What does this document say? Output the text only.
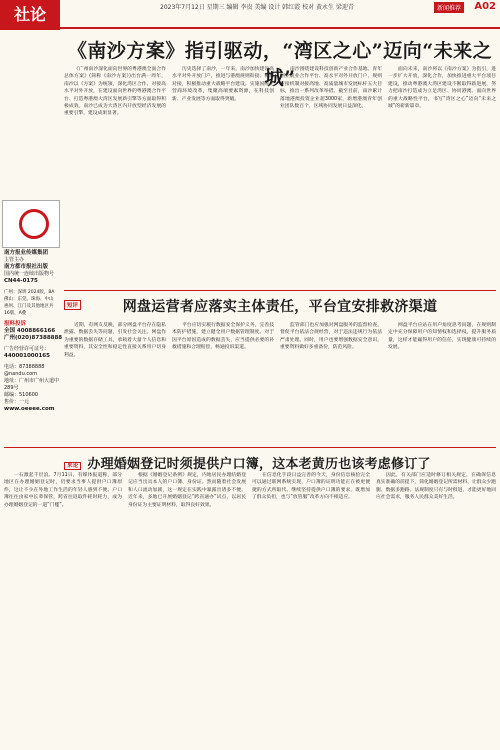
社论	2023年7月12日 星期三 编辑 李贵 美编 设计 韩红霞 校对 黄永生 梁迎青	新闻推荐	A02
南方报业传媒集团
主管主办
南方都市报社出版
国内统一连续出版物号
CN44-0175
广州：深圳 2024版，8A
佛山：东莞、珠海、中山
惠州、江门及其他地区共
16版，A叠
报料投诉
全国 4008866166
广州(020)87388888
广告经营许可证号：
440001000165
电话：87388888
@nandu.com
地址：广州市广州大道中
289号
邮编：510600
售价：一元
www.oeeee.com
《南沙方案》指引驱动，“湾区之心”迈向“未来之城”

《广州南沙深化面向世界的粤港澳全面合作总体方案》(简称《南沙方案》)出台满一周年，南沙以《方案》为统领，深化湾区合作、对接高水平对外开放，在建设面向世界的粤港澳合作平台、打造粤港澳大湾区发展新引擎等方面取得积极成效。南沙已成为大湾区内开放型经济发展的重要引擎，建设成果显著。

历史选择了南沙，一年来，南沙加快建设高水平对外开放门户，推进与港澳规则衔接、机制对接，积极推动重大战略平台建设。实施国际化营商环境改革，集聚高端要素资源，在科技创新、产业发展等方面取得突破。

南沙围绕建设科技创新产业合作基地、青年创业就业合作平台、高水平对外开放门户、规则衔接机制对接高地、高质量城市发展标杆五大目标，推出一系列改革举措。截至目前，南沙累计落地港澳投资企业超3000家，新增港澳青年创业团队数百个，区域协同发展日益深化。

面向未来，南沙将以《南沙方案》为指引，进一步扩大开放，深化合作，加快推进重大平台项目建设，推动粤港澳大湾区建设不断取得新进展，努力把南沙打造成为立足湾区、协同港澳、面向世界的重大战略性平台，书写“湾区之心”迈向“未来之城”的崭新篇章。

短评	网盘运营者应落实主体责任，平台宜安排救济渠道

近期，有网友反映，部分网盘平台存在隐私泄露、数据丢失等问题，引发社会关注。网盘作为重要的数据存储工具，承载着大量个人信息和重要资料，其安全性和稳定性直接关系用户切身利益。

平台应切实履行数据安全保护义务，完善技术防护措施，建立健全用户数据管理制度。对于因平台原因造成的数据丢失，应当提供必要的补救措施和合理赔偿，畅通投诉渠道。

监管部门也应加强对网盘服务的监督检查，督促平台依法合规经营，对于违法违规行为依法严肃处理。同时，用户也要增强数据安全意识，重要资料做好多重备份，防范风险。

网盘平台应站在用户角度思考问题，在规则制定中充分保障用户的知情权和选择权，提升服务质量，这样才能赢得用户的信任，实现健康可持续的发展。

来论 办理婚姻登记时须提供户口簿，这本老黄历也该考虑修订了

一石激起千层浪。7月11日，有媒体报道称，部分地区在办理婚姻登记时，仍要求当事人提供户口簿原件，这让不少在外地工作生活的年轻人感到不便。户口簿往往由家中长辈保管，跨省往返取件耗时耗力，成为办理婚姻登记的一道“门槛”。

根据《婚姻登记条例》规定，内地居民办理结婚登记应当出具本人的户口簿、身份证。然而随着社会发展和人口流动加剧，这一规定在实践中暴露出诸多不便。近年来，多地已开展婚姻登记“跨省通办”试点，以居民身份证为主要证明材料，取得良好效果。

在信息化手段日益完善的今天，身份信息核验完全可以通过联网系统实现，户口簿的证明功能正在被更便捷的方式所取代。继续坚持提供户口簿的要求，既增加了群众负担，也与“放管服”改革方向不相适应。

因此，有关部门应适时修订相关规定，在确保信息真实准确的前提下，简化婚姻登记所需材料，让群众少跑腿、数据多跑路。法规制度只有与时俱进，才能更好地回应社会需求，服务人民群众美好生活。
